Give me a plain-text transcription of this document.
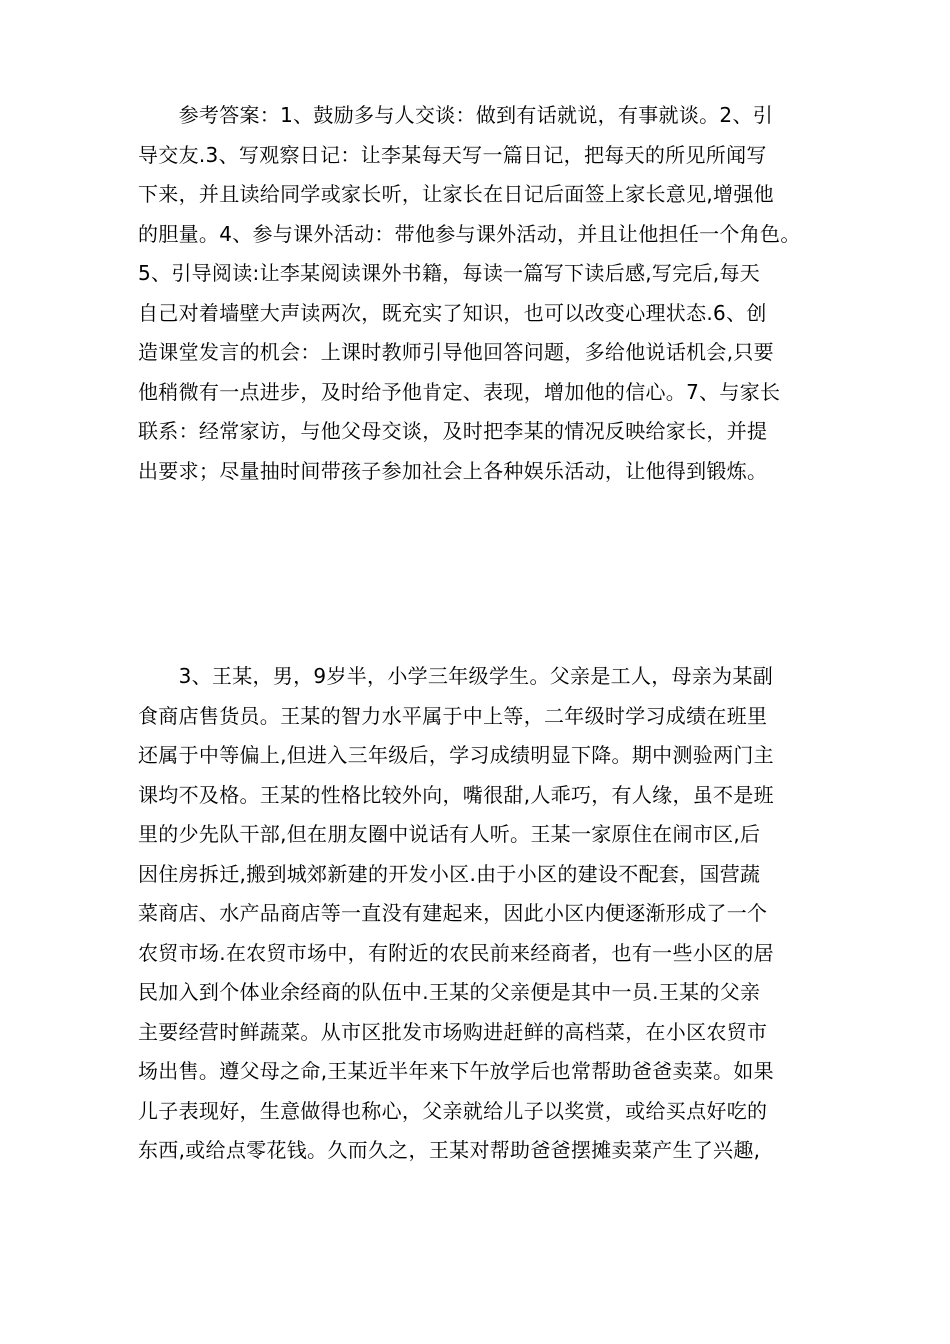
　　参考答案：1、鼓励多与人交谈：做到有话就说，有事就谈。2、引
导交友.3、写观察日记：让李某每天写一篇日记，把每天的所见所闻写
下来，并且读给同学或家长听，让家长在日记后面签上家长意见,增强他
的胆量。4、参与课外活动：带他参与课外活动，并且让他担任一个角色。
5、引导阅读:让李某阅读课外书籍，每读一篇写下读后感,写完后,每天
自己对着墙壁大声读两次，既充实了知识，也可以改变心理状态.6、创
造课堂发言的机会：上课时教师引导他回答问题，多给他说话机会,只要
他稍微有一点进步，及时给予他肯定、表现，增加他的信心。7、与家长
联系：经常家访，与他父母交谈，及时把李某的情况反映给家长，并提
出要求；尽量抽时间带孩子参加社会上各种娱乐活动，让他得到锻炼。
　　3、王某，男，9岁半，小学三年级学生。父亲是工人，母亲为某副
食商店售货员。王某的智力水平属于中上等，二年级时学习成绩在班里
还属于中等偏上,但进入三年级后，学习成绩明显下降。期中测验两门主
课均不及格。王某的性格比较外向，嘴很甜,人乖巧，有人缘，虽不是班
里的少先队干部,但在朋友圈中说话有人听。王某一家原住在闹市区,后
因住房拆迁,搬到城郊新建的开发小区.由于小区的建设不配套，国营蔬
菜商店、水产品商店等一直没有建起来，因此小区内便逐渐形成了一个
农贸市场.在农贸市场中，有附近的农民前来经商者，也有一些小区的居
民加入到个体业余经商的队伍中.王某的父亲便是其中一员.王某的父亲
主要经营时鲜蔬菜。从市区批发市场购进赶鲜的高档菜，在小区农贸市
场出售。遵父母之命,王某近半年来下午放学后也常帮助爸爸卖菜。如果
儿子表现好，生意做得也称心，父亲就给儿子以奖赏，或给买点好吃的
东西,或给点零花钱。久而久之，王某对帮助爸爸摆摊卖菜产生了兴趣,
